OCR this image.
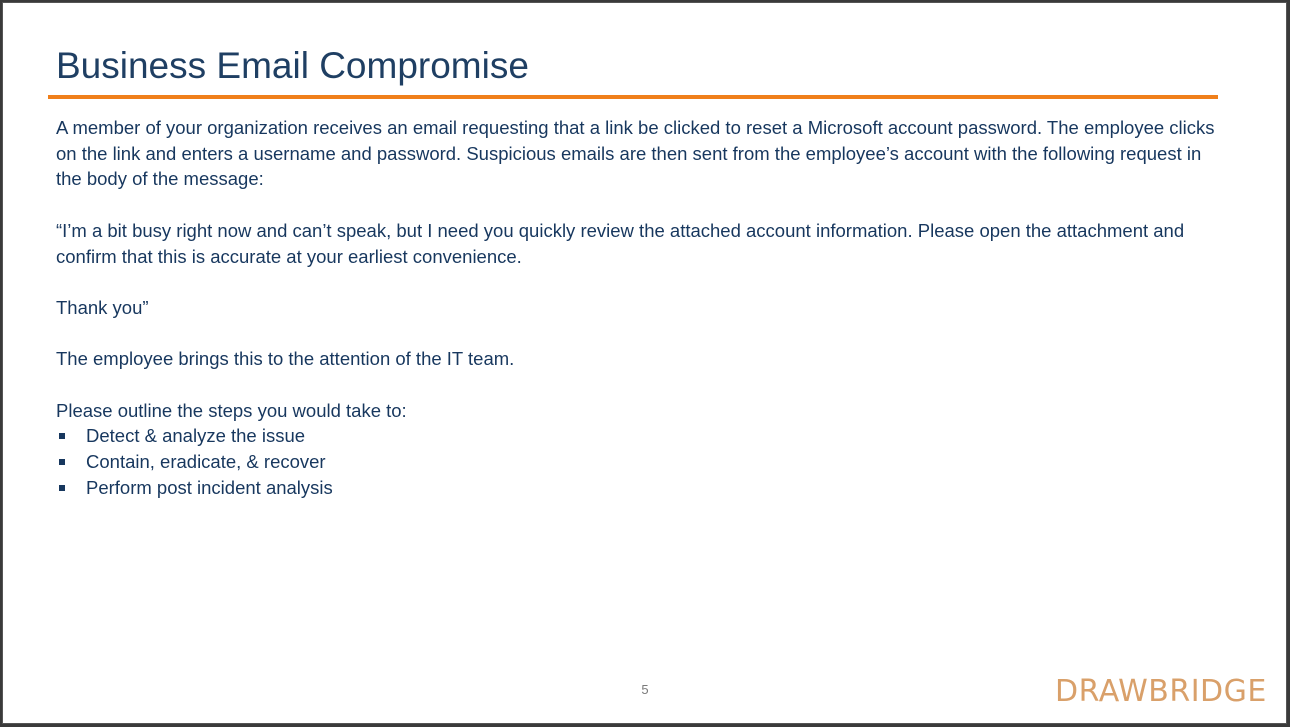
Business Email Compromise

A member of your organization receives an email requesting that a link be clicked to reset a Microsoft account password. The employee clicks on the link and enters a username and password. Suspicious emails are then sent from the employee’s account with the following request in the body of the message:

“I’m a bit busy right now and can’t speak, but I need you quickly review the attached account information. Please open the attachment and confirm that this is accurate at your earliest convenience.

Thank you”

The employee brings this to the attention of the IT team.

Please outline the steps you would take to:

Detect & analyze the issue
Contain, eradicate, & recover
Perform post incident analysis
5	DRAWBRIDGE
